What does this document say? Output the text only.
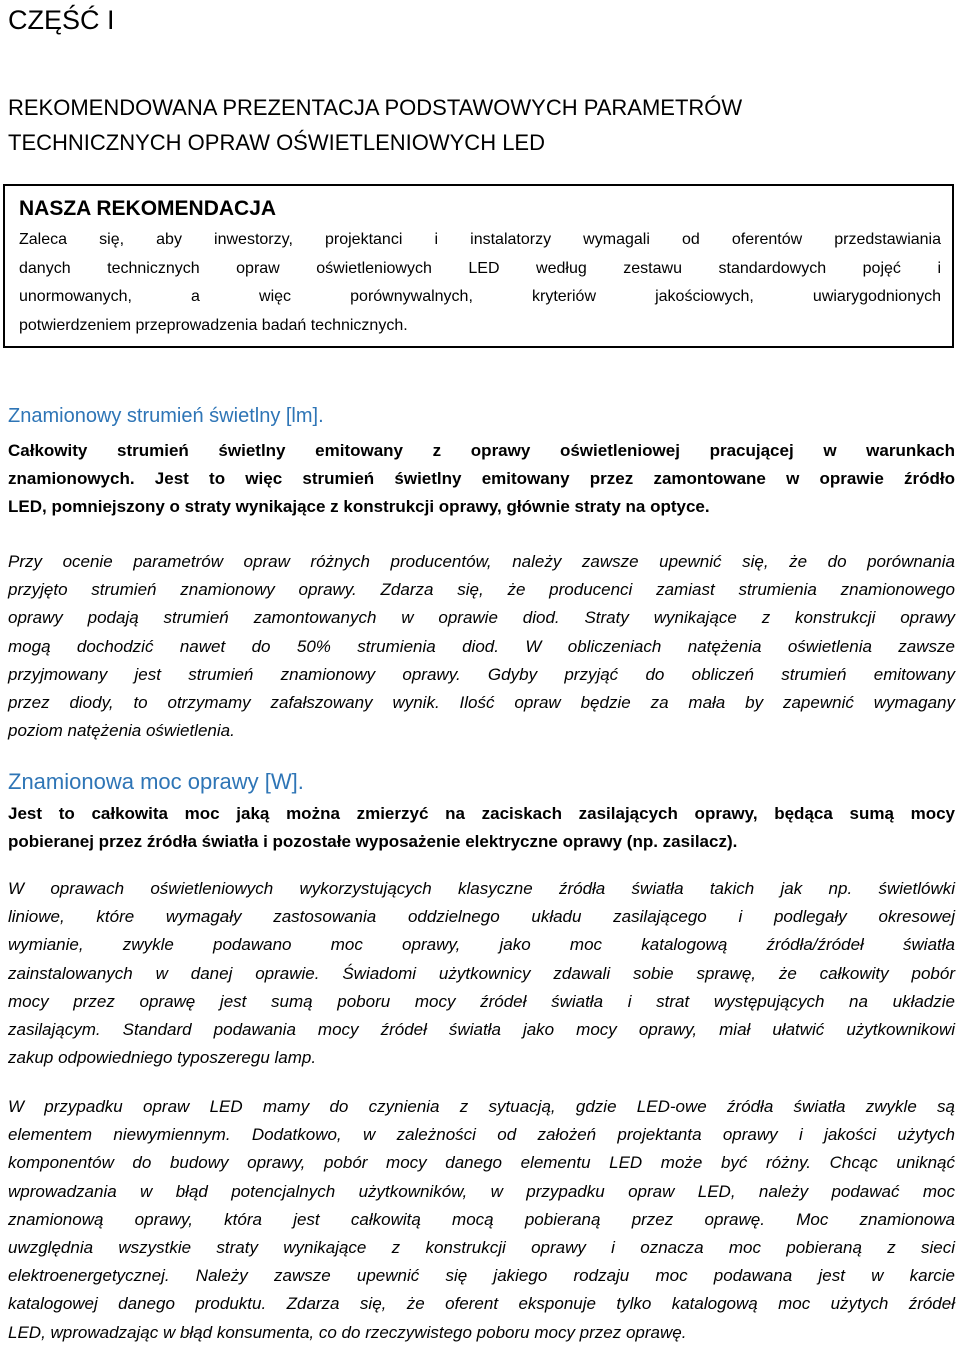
CZĘŚĆ I
REKOMENDOWANA PREZENTACJA PODSTAWOWYCH PARAMETRÓW
TECHNICZNYCH OPRAW OŚWIETLENIOWYCH LED
NASZA REKOMENDACJA
Zaleca się, aby inwestorzy, projektanci i instalatorzy wymagali od oferentów przedstawiania
danych technicznych opraw oświetleniowych LED według zestawu standardowych pojęć i
unormowanych, a więc porównywalnych, kryteriów jakościowych, uwiarygodnionych
potwierdzeniem przeprowadzenia badań technicznych.
Znamionowy strumień świetlny [lm].
Całkowity strumień świetlny emitowany z oprawy oświetleniowej pracującej w warunkach
znamionowych. Jest to więc strumień świetlny emitowany przez zamontowane w oprawie źródło
LED, pomniejszony o straty wynikające z konstrukcji oprawy, głównie straty na optyce.
Przy ocenie parametrów opraw różnych producentów, należy zawsze upewnić się, że do porównania
przyjęto strumień znamionowy oprawy. Zdarza się, że producenci zamiast strumienia znamionowego
oprawy podają strumień zamontowanych w oprawie diod. Straty wynikające z konstrukcji oprawy
mogą dochodzić nawet do 50% strumienia diod. W obliczeniach natężenia oświetlenia zawsze
przyjmowany jest strumień znamionowy oprawy. Gdyby przyjąć do obliczeń strumień emitowany
przez diody, to otrzymamy zafałszowany wynik. Ilość opraw będzie za mała by zapewnić wymagany
poziom natężenia oświetlenia.
Znamionowa moc oprawy [W].
Jest to całkowita moc jaką można zmierzyć na zaciskach zasilających oprawy, będąca sumą mocy
pobieranej przez źródła światła i pozostałe wyposażenie elektryczne oprawy (np. zasilacz).
W oprawach oświetleniowych wykorzystujących klasyczne źródła światła takich jak np. świetlówki
liniowe, które wymagały zastosowania oddzielnego układu zasilającego i podlegały okresowej
wymianie, zwykle podawano moc oprawy, jako moc katalogową źródła/źródeł światła
zainstalowanych w danej oprawie. Świadomi użytkownicy zdawali sobie sprawę, że całkowity pobór
mocy przez oprawę jest sumą poboru mocy źródeł światła i strat występujących na układzie
zasilającym. Standard podawania mocy źródeł światła jako mocy oprawy, miał ułatwić użytkownikowi
zakup odpowiedniego typoszeregu lamp.
W przypadku opraw LED mamy do czynienia z sytuacją, gdzie LED-owe źródła światła zwykle są
elementem niewymiennym. Dodatkowo, w zależności od założeń projektanta oprawy i jakości użytych
komponentów do budowy oprawy, pobór mocy danego elementu LED może być różny. Chcąc uniknąć
wprowadzania w błąd potencjalnych użytkowników, w przypadku opraw LED, należy podawać moc
znamionową oprawy, która jest całkowitą mocą pobieraną przez oprawę. Moc znamionowa
uwzględnia wszystkie straty wynikające z konstrukcji oprawy i oznacza moc pobieraną z sieci
elektroenergetycznej. Należy zawsze upewnić się jakiego rodzaju moc podawana jest w karcie
katalogowej danego produktu. Zdarza się, że oferent eksponuje tylko katalogową moc użytych źródeł
LED, wprowadzając w błąd konsumenta, co do rzeczywistego poboru mocy przez oprawę.
